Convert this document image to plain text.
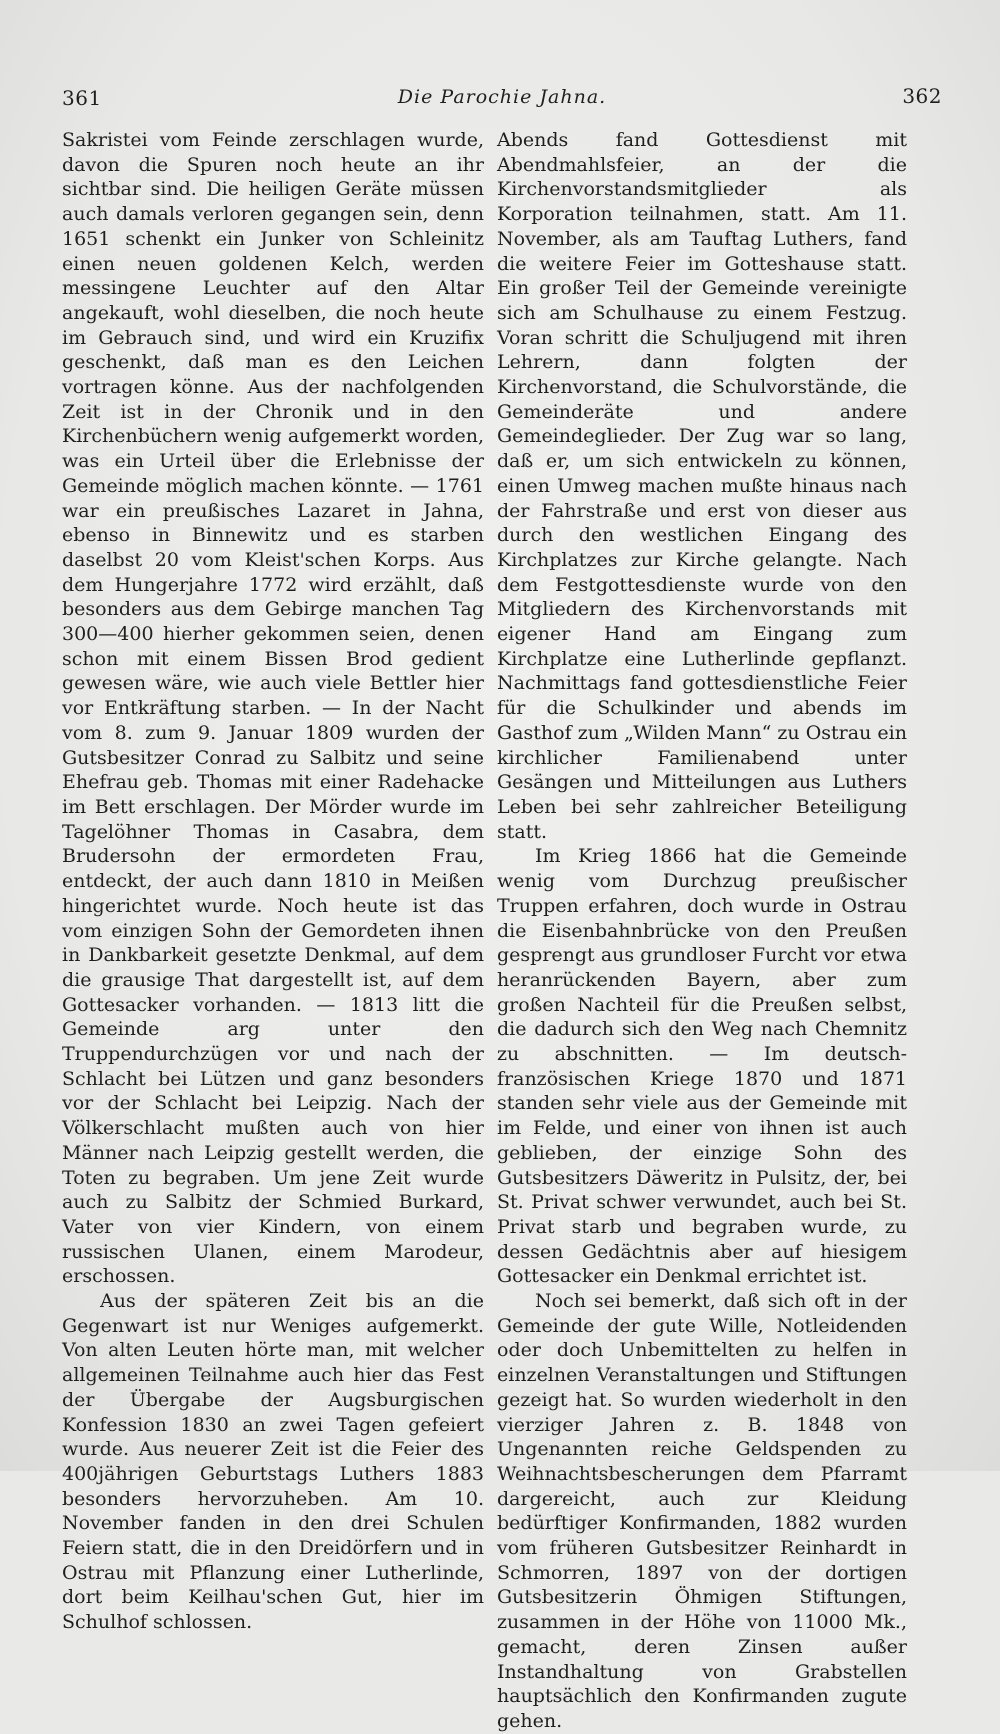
361	Die Parochie Jahna.	362

Sakristei vom Feinde zerschlagen wurde, davon die Spuren noch heute an ihr sichtbar sind. Die heiligen Geräte müssen auch damals verloren gegangen sein, denn 1651 schenkt ein Junker von Schleinitz einen neuen goldenen Kelch, werden messingene Leuchter auf den Altar angekauft, wohl dieselben, die noch heute im Gebrauch sind, und wird ein Kruzifix geschenkt, daß man es den Leichen vortragen könne. Aus der nachfolgenden Zeit ist in der Chronik und in den Kirchenbüchern wenig aufgemerkt worden, was ein Urteil über die Erlebnisse der Gemeinde möglich machen könnte. — 1761 war ein preußisches Lazaret in Jahna, ebenso in Binnewitz und es starben daselbst 20 vom Kleist'schen Korps. Aus dem Hungerjahre 1772 wird erzählt, daß besonders aus dem Gebirge manchen Tag 300—400 hierher gekommen seien, denen schon mit einem Bissen Brod gedient gewesen wäre, wie auch viele Bettler hier vor Entkräftung starben. — In der Nacht vom 8. zum 9. Januar 1809 wurden der Gutsbesitzer Conrad zu Salbitz und seine Ehefrau geb. Thomas mit einer Radehacke im Bett erschlagen. Der Mörder wurde im Tagelöhner Thomas in Casabra, dem Brudersohn der ermordeten Frau, entdeckt, der auch dann 1810 in Meißen hingerichtet wurde. Noch heute ist das vom einzigen Sohn der Gemordeten ihnen in Dankbarkeit gesetzte Denkmal, auf dem die grausige That dargestellt ist, auf dem Gottesacker vorhanden. — 1813 litt die Gemeinde arg unter den Truppendurchzügen vor und nach der Schlacht bei Lützen und ganz besonders vor der Schlacht bei Leipzig. Nach der Völkerschlacht mußten auch von hier Männer nach Leipzig gestellt werden, die Toten zu begraben. Um jene Zeit wurde auch zu Salbitz der Schmied Burkard, Vater von vier Kindern, von einem russischen Ulanen, einem Marodeur, erschossen.

Aus der späteren Zeit bis an die Gegenwart ist nur Weniges aufgemerkt. Von alten Leuten hörte man, mit welcher allgemeinen Teilnahme auch hier das Fest der Übergabe der Augsburgischen Konfession 1830 an zwei Tagen gefeiert wurde. Aus neuerer Zeit ist die Feier des 400jährigen Geburtstags Luthers 1883 besonders hervorzuheben. Am 10. November fanden in den drei Schulen Feiern statt, die in den Dreidörfern und in Ostrau mit Pflanzung einer Lutherlinde, dort beim Keilhau'schen Gut, hier im Schulhof schlossen.

Abends fand Gottesdienst mit Abendmahlsfeier, an der die Kirchenvorstandsmitglieder als Korporation teilnahmen, statt. Am 11. November, als am Tauftag Luthers, fand die weitere Feier im Gotteshause statt. Ein großer Teil der Gemeinde vereinigte sich am Schulhause zu einem Festzug. Voran schritt die Schuljugend mit ihren Lehrern, dann folgten der Kirchenvorstand, die Schulvorstände, die Gemeinderäte und andere Gemeindeglieder. Der Zug war so lang, daß er, um sich entwickeln zu können, einen Umweg machen mußte hinaus nach der Fahrstraße und erst von dieser aus durch den westlichen Eingang des Kirchplatzes zur Kirche gelangte. Nach dem Festgottesdienste wurde von den Mitgliedern des Kirchenvorstands mit eigener Hand am Eingang zum Kirchplatze eine Lutherlinde gepflanzt. Nachmittags fand gottesdienstliche Feier für die Schulkinder und abends im Gasthof zum „Wilden Mann“ zu Ostrau ein kirchlicher Familienabend unter Gesängen und Mitteilungen aus Luthers Leben bei sehr zahlreicher Beteiligung statt.

Im Krieg 1866 hat die Gemeinde wenig vom Durchzug preußischer Truppen erfahren, doch wurde in Ostrau die Eisenbahnbrücke von den Preußen gesprengt aus grundloser Furcht vor etwa heranrückenden Bayern, aber zum großen Nachteil für die Preußen selbst, die dadurch sich den Weg nach Chemnitz zu abschnitten. — Im deutsch-französischen Kriege 1870 und 1871 standen sehr viele aus der Gemeinde mit im Felde, und einer von ihnen ist auch geblieben, der einzige Sohn des Gutsbesitzers Däweritz in Pulsitz, der, bei St. Privat schwer verwundet, auch bei St. Privat starb und begraben wurde, zu dessen Gedächtnis aber auf hiesigem Gottesacker ein Denkmal errichtet ist.

Noch sei bemerkt, daß sich oft in der Gemeinde der gute Wille, Notleidenden oder doch Unbemittelten zu helfen in einzelnen Veranstaltungen und Stiftungen gezeigt hat. So wurden wiederholt in den vierziger Jahren z. B. 1848 von Ungenannten reiche Geldspenden zu Weihnachtsbescherungen dem Pfarramt dargereicht, auch zur Kleidung bedürftiger Konfirmanden, 1882 wurden vom früheren Gutsbesitzer Reinhardt in Schmorren, 1897 von der dortigen Gutsbesitzerin Öhmigen Stiftungen, zusammen in der Höhe von 11000 Mk., gemacht, deren Zinsen außer Instandhaltung von Grabstellen hauptsächlich den Konfirmanden zugute gehen.
